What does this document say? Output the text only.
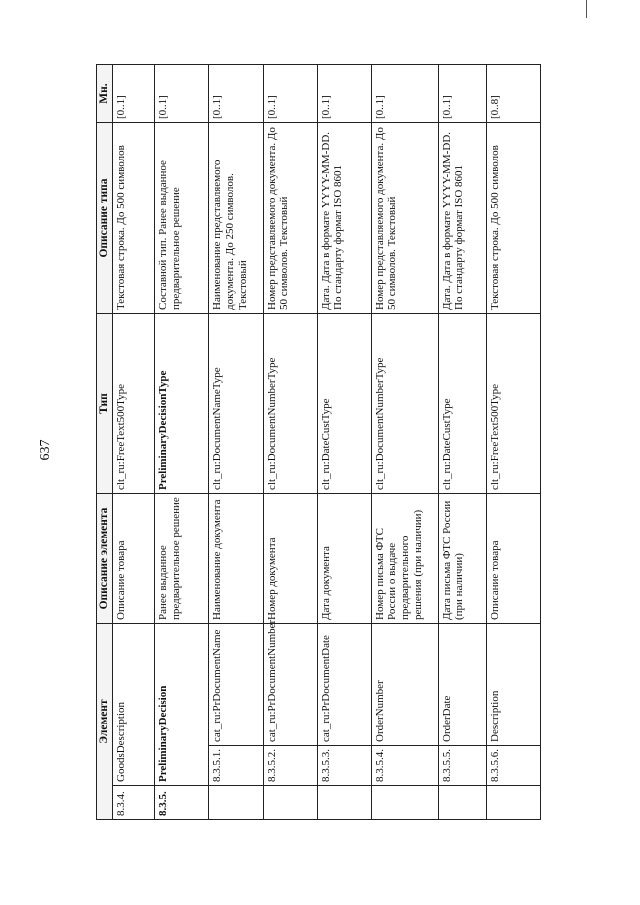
637
Элемент			Описание элемента	Тип	Описание типа	Мн.
8.3.4.	GoodsDescription		Описание товара	clt_ru:FreeText500Type	Текстовая строка. До 500 символов	[0..1]
8.3.5.	PreliminaryDecision		Ранее выданное предварительное решение	PreliminaryDecisionType	Составной тип. Ранее выданное предварительное решение	[0..1]
	8.3.5.1.	cat_ru:PrDocumentName	Наименование документа	clt_ru:DocumentNameType	Наименование представляемого документа. До 250 символов. Текстовый	[0..1]
	8.3.5.2.	cat_ru:PrDocumentNumber	Номер документа	clt_ru:DocumentNumberType	Номер представляемого документа. До 50 символов. Текстовый	[0..1]
	8.3.5.3.	cat_ru:PrDocumentDate	Дата документа	clt_ru:DateCustType	Дата. Дата в формате YYYY-MM-DD. По стандарту формат ISO 8601	[0..1]
	8.3.5.4.	OrderNumber	Номер письма ФТС России о выдаче предварительного решения (при наличии)	clt_ru:DocumentNumberType	Номер представляемого документа. До 50 символов. Текстовый	[0..1]
	8.3.5.5.	OrderDate	Дата письма ФТС России (при наличии)	clt_ru:DateCustType	Дата. Дата в формате YYYY-MM-DD. По стандарту формат ISO 8601	[0..1]
	8.3.5.6.	Description	Описание товара	clt_ru:FreeText500Type	Текстовая строка. До 500 символов	[0..8]
